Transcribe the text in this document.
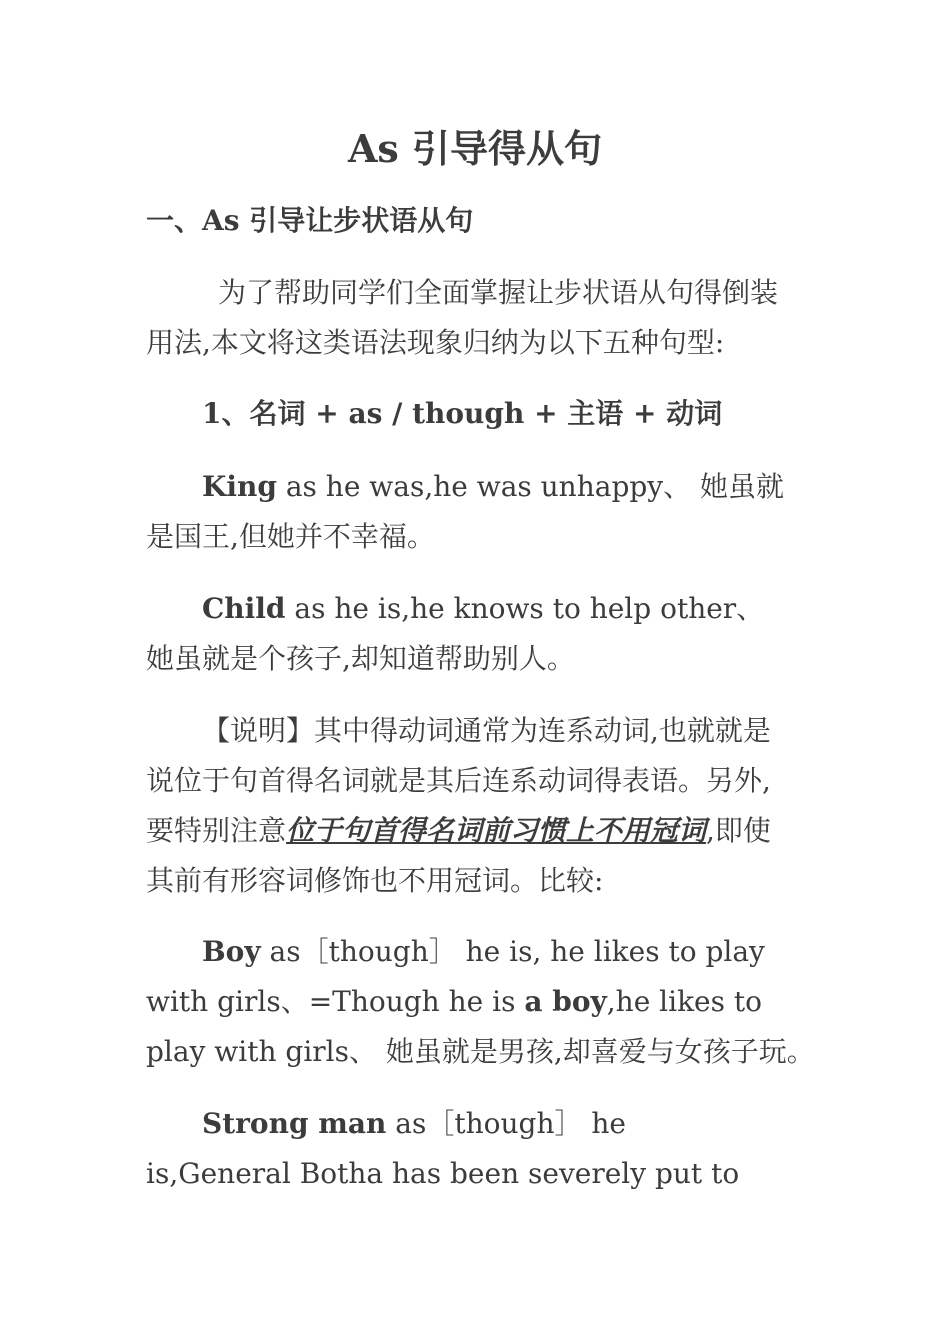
As 引导得从句
一、As 引导让步状语从句
为了帮助同学们全面掌握让步状语从句得倒装
用法,本文将这类语法现象归纳为以下五种句型:
1、名词 + as / though + 主语 + 动词
King as he was,he was unhappy、 她虽就
是国王,但她并不幸福。
Child as he is,he knows to help other、
她虽就是个孩子,却知道帮助别人。
【说明】其中得动词通常为连系动词,也就就是
说位于句首得名词就是其后连系动词得表语。另外,
要特别注意位于句首得名词前习惯上不用冠词,即使
其前有形容词修饰也不用冠词。比较:
Boy as［though］ he is, he likes to play
with girls、=Though he is a boy,he likes to
play with girls、 她虽就是男孩,却喜爱与女孩子玩。
Strong man as［though］ he
is,General Botha has been severely put to
